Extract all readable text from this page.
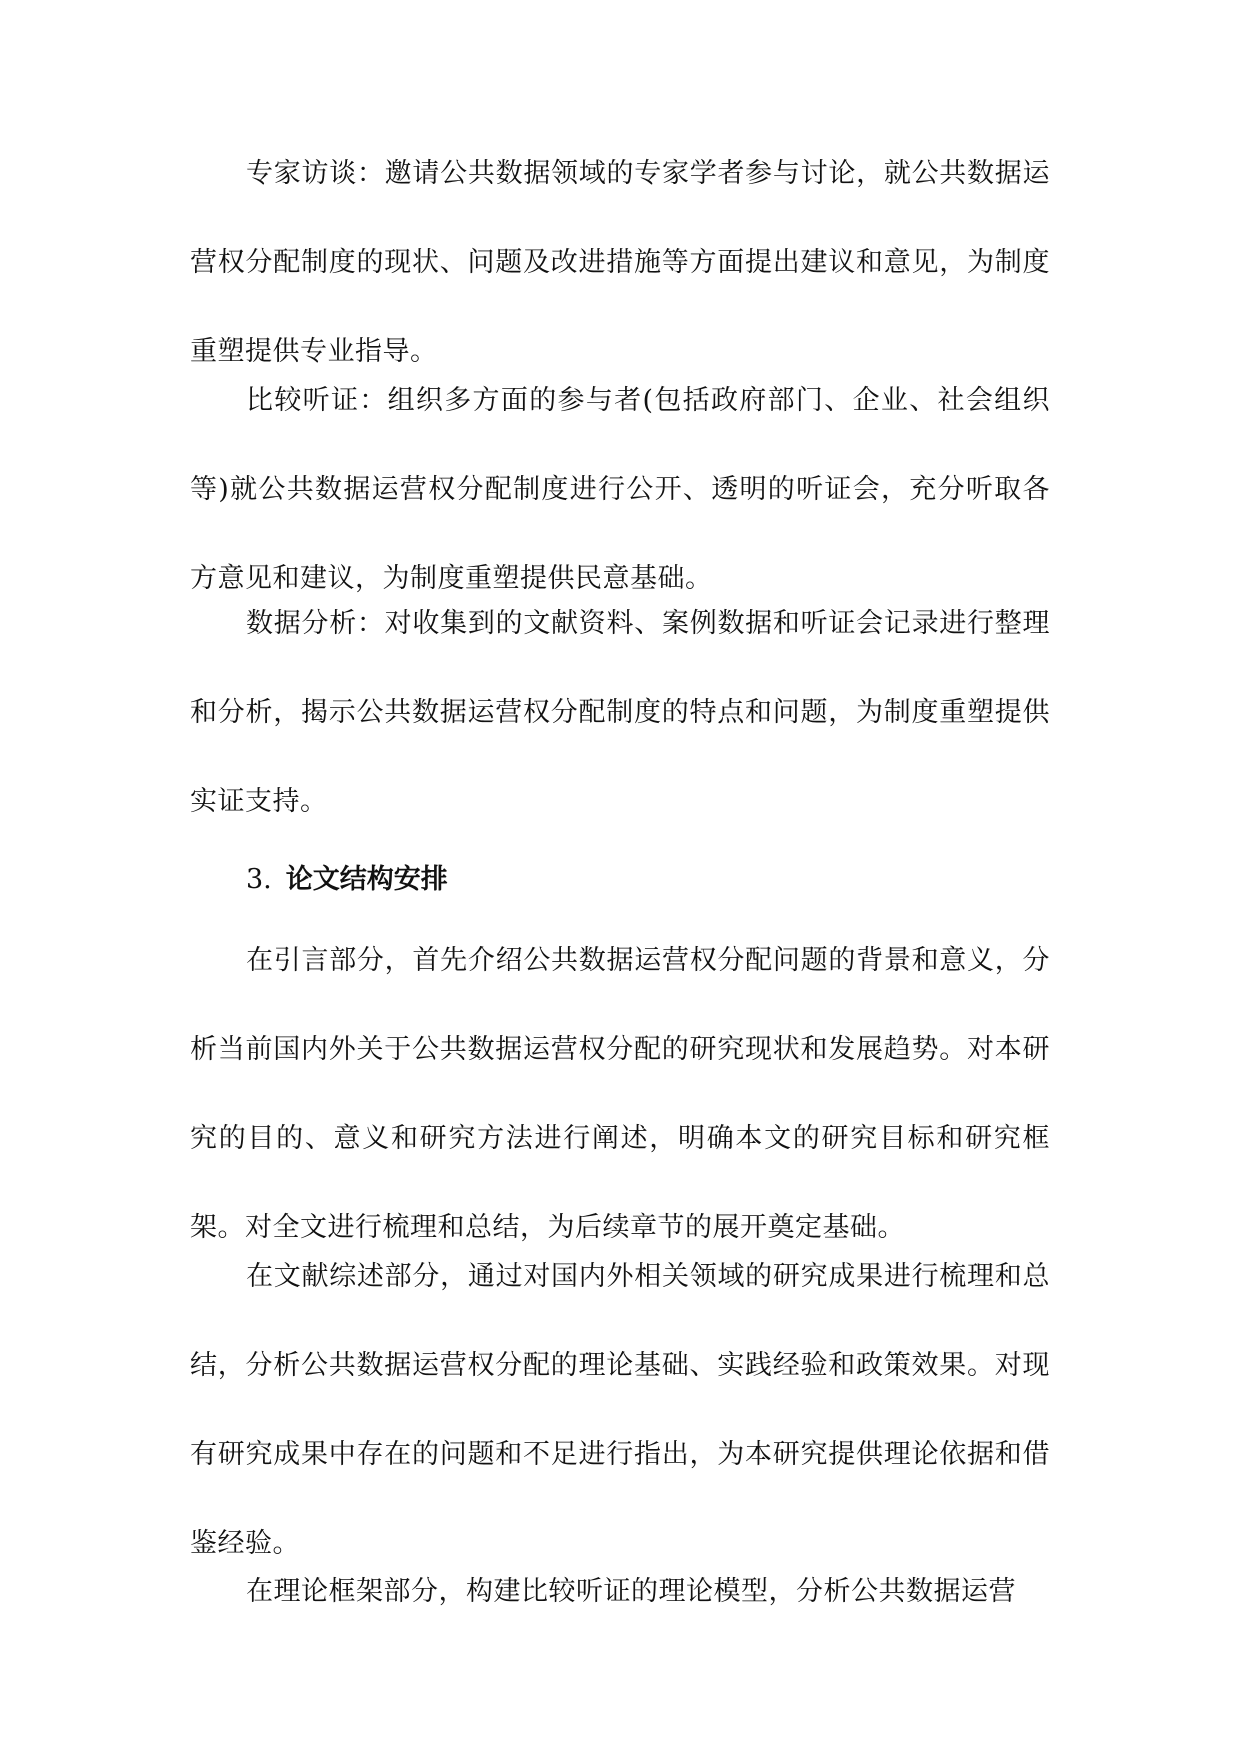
专家访谈：邀请公共数据领域的专家学者参与讨论，就公共数据运营权分配制度的现状、问题及改进措施等方面提出建议和意见，为制度重塑提供专业指导。

比较听证：组织多方面的参与者(包括政府部门、企业、社会组织等)就公共数据运营权分配制度进行公开、透明的听证会，充分听取各方意见和建议，为制度重塑提供民意基础。

数据分析：对收集到的文献资料、案例数据和听证会记录进行整理和分析，揭示公共数据运营权分配制度的特点和问题，为制度重塑提供实证支持。

3. 论文结构安排

在引言部分，首先介绍公共数据运营权分配问题的背景和意义，分析当前国内外关于公共数据运营权分配的研究现状和发展趋势。对本研究的目的、意义和研究方法进行阐述，明确本文的研究目标和研究框架。对全文进行梳理和总结，为后续章节的展开奠定基础。

在文献综述部分，通过对国内外相关领域的研究成果进行梳理和总结，分析公共数据运营权分配的理论基础、实践经验和政策效果。对现有研究成果中存在的问题和不足进行指出，为本研究提供理论依据和借鉴经验。

在理论框架部分，构建比较听证的理论模型，分析公共数据运营
